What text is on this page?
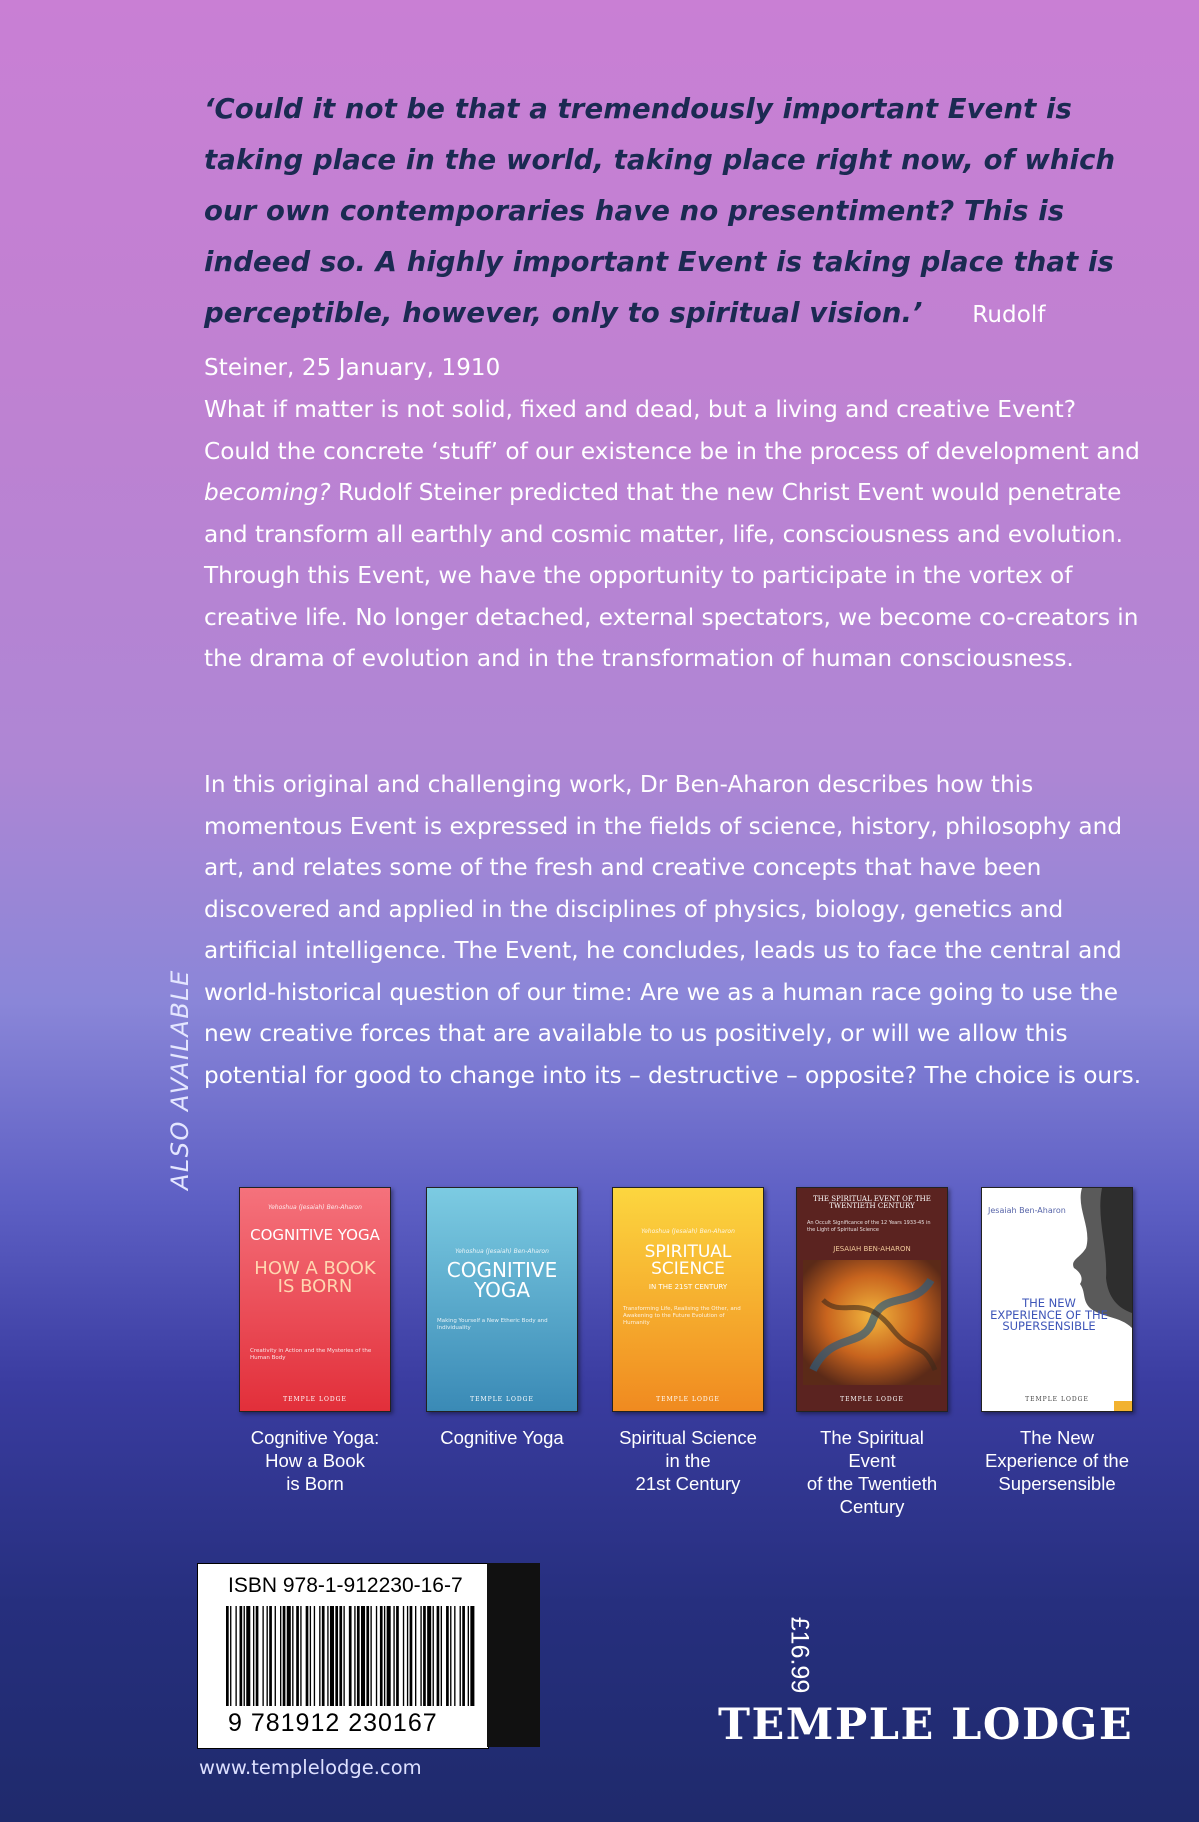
‘Could it not be that a tremendously important Event is taking place in the world, taking place right now, of which our own contemporaries have no presentiment? This is indeed so. A highly important Event is taking place that is perceptible, however, only to spiritual vision.’ Rudolf Steiner, 25 January, 1910
What if matter is not solid, fixed and dead, but a living and creative Event? Could the concrete ‘stuff’ of our existence be in the process of development and becoming? Rudolf Steiner predicted that the new Christ Event would penetrate and transform all earthly and cosmic matter, life, consciousness and evolution. Through this Event, we have the opportunity to participate in the vortex of creative life. No longer detached, external spectators, we become co-creators in the drama of evolution and in the transformation of human consciousness.
In this original and challenging work, Dr Ben-Aharon describes how this momentous Event is expressed in the fields of science, history, philosophy and art, and relates some of the fresh and creative concepts that have been discovered and applied in the disciplines of physics, biology, genetics and artificial intelligence. The Event, he concludes, leads us to face the central and world-historical question of our time: Are we as a human race going to use the new creative forces that are available to us positively, or will we allow this potential for good to change into its – destructive – opposite? The choice is ours.
ALSO AVAILABLE
Yehoshua (Jesaiah) Ben-Aharon
COGNITIVE YOGA
HOW A BOOK IS BORN
Creativity in Action and the Mysteries of the Human Body
TEMPLE LODGE
Cognitive Yoga:
How a Book
is Born
Yehoshua (Jesaiah) Ben-Aharon
COGNITIVE YOGA
Making Yourself a New Etheric Body and Individuality
TEMPLE LODGE
Cognitive Yoga
Yehoshua (Jesaiah) Ben-Aharon
SPIRITUAL SCIENCE
IN THE 21ST CENTURY
Transforming Life, Realising the Other, and Awakening to the Future Evolution of Humanity
TEMPLE LODGE
Spiritual Science
in the
21st Century
THE SPIRITUAL EVENT OF THE TWENTIETH CENTURY
An Occult Significance of the 12 Years 1933-45 in the Light of Spiritual Science
JESAIAH BEN-AHARON
TEMPLE LODGE
The Spiritual Event
of the Twentieth
Century
Jesaiah Ben-Aharon
THE NEW EXPERIENCE OF THE SUPERSENSIBLE
TEMPLE LODGE
The New
Experience of the
Supersensible
ISBN 978-1-912230-16-7
9 781912 230167
£16.99
www.templelodge.com
TEMPLE LODGE
